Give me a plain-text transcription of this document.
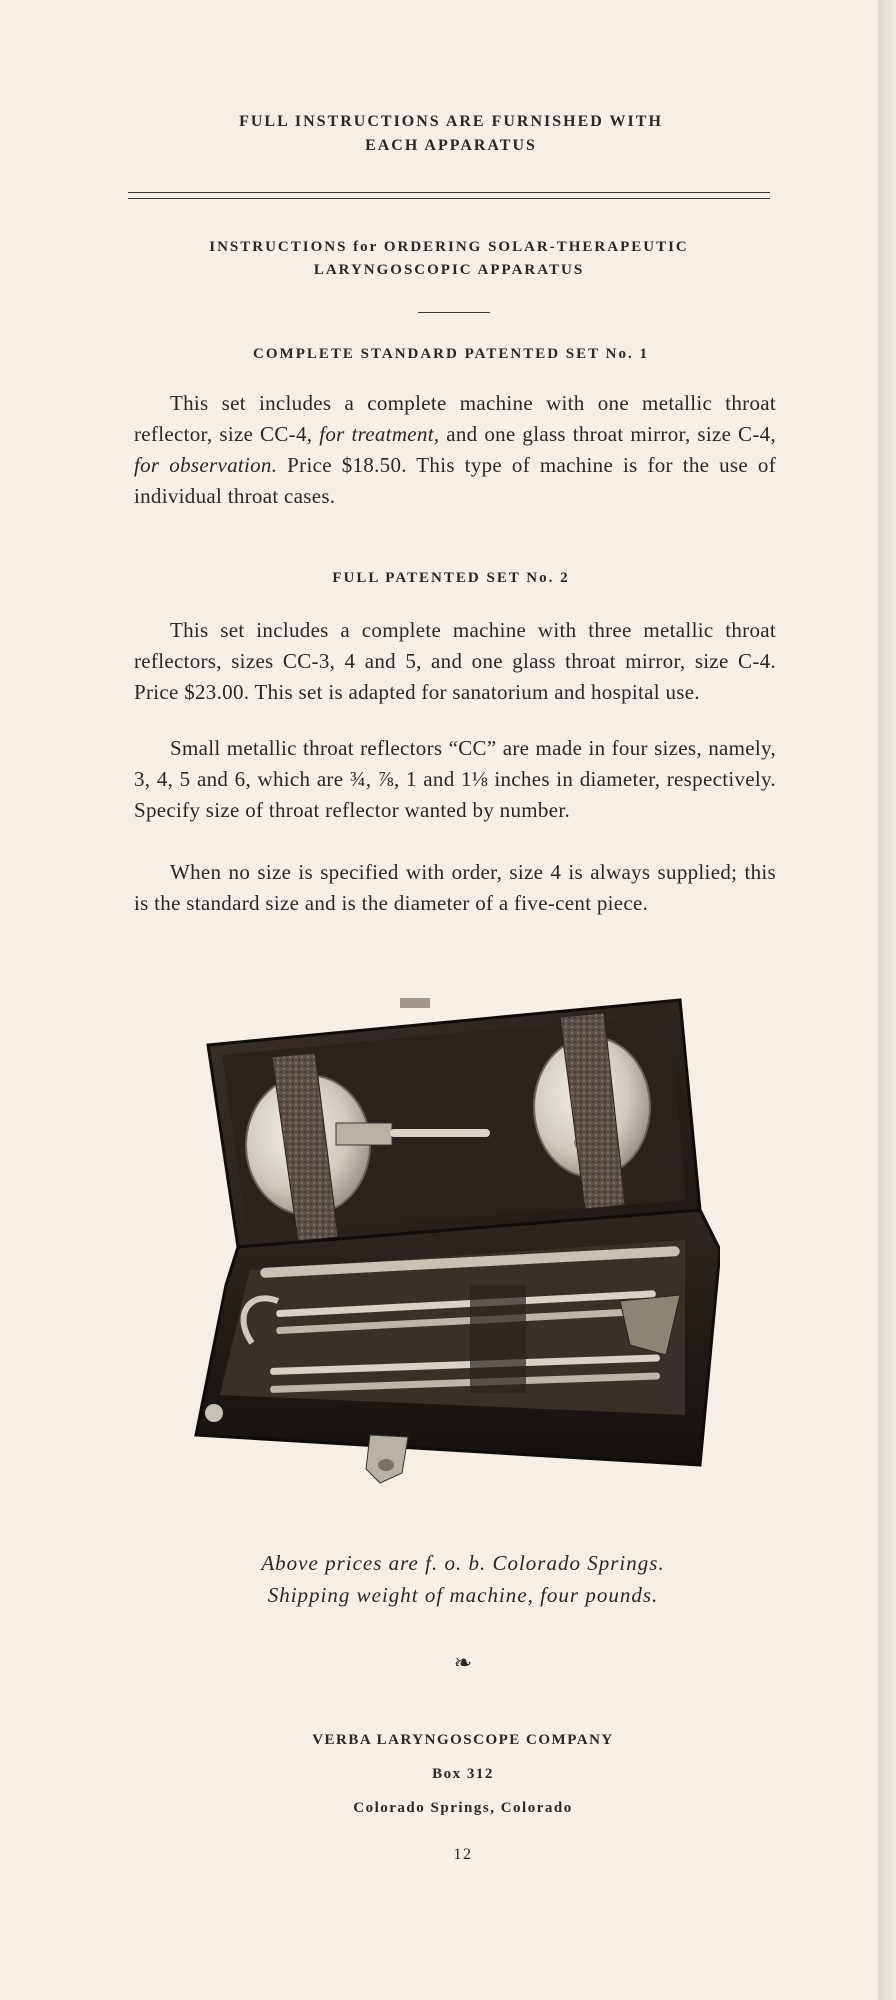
FULL INSTRUCTIONS ARE FURNISHED WITH
EACH APPARATUS
INSTRUCTIONS for ORDERING SOLAR-THERAPEUTIC
LARYNGOSCOPIC APPARATUS
COMPLETE STANDARD PATENTED SET No. 1
This set includes a complete machine with one metallic throat reflector, size CC-4, for treatment, and one glass throat mirror, size C-4, for observation. Price $18.50. This type of machine is for the use of individual throat cases.
FULL PATENTED SET No. 2
This set includes a complete machine with three metallic throat reflectors, sizes CC-3, 4 and 5, and one glass throat mirror, size C-4. Price $23.00. This set is adapted for sanatorium and hospital use.
Small metallic throat reflectors “CC” are made in four sizes, namely, 3, 4, 5 and 6, which are ¾, ⅞, 1 and 1⅛ inches in diameter, respectively. Specify size of throat reflector wanted by number.
When no size is specified with order, size 4 is always supplied; this is the standard size and is the diameter of a five-cent piece.
Above prices are f. o. b. Colorado Springs.
Shipping weight of machine, four pounds.
❧
VERBA LARYNGOSCOPE COMPANY
Box 312
Colorado Springs, Colorado
12
